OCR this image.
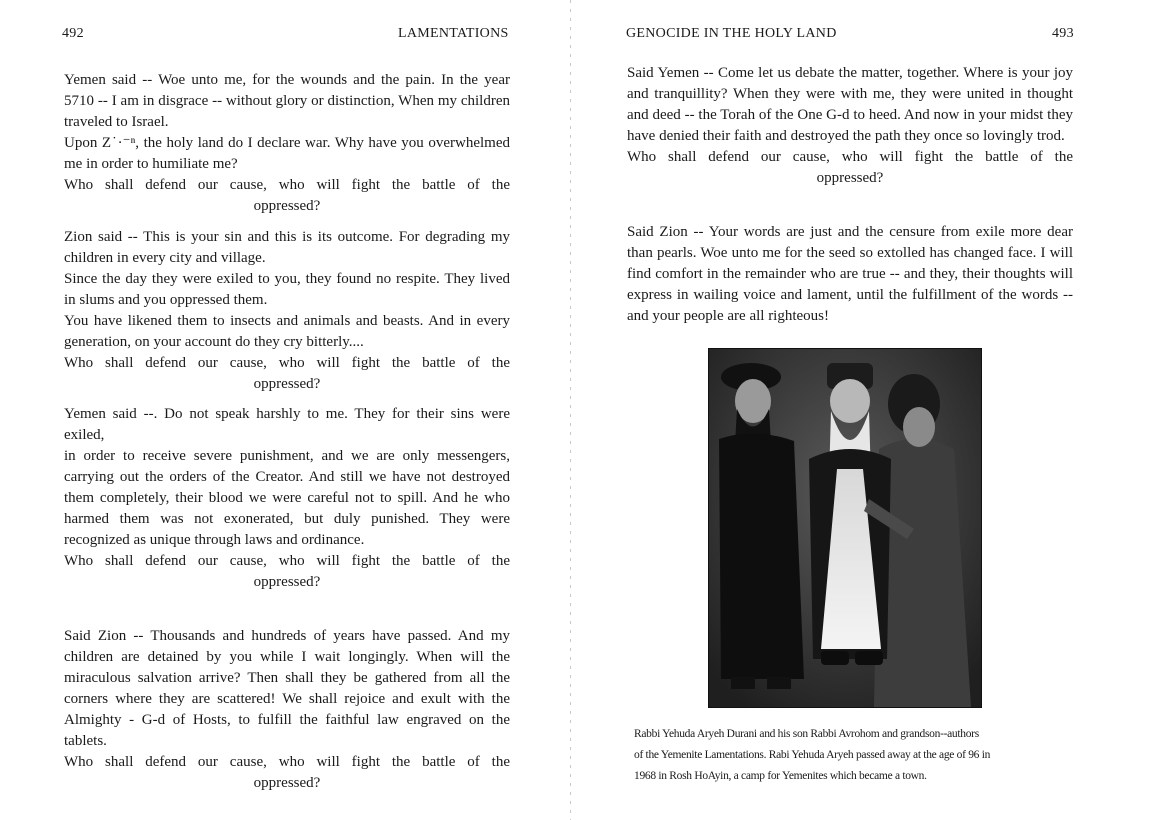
492	LAMENTATIONS

Yemen said -- Woe unto me, for the wounds and the pain. In the year 5710 -- I am in disgrace -- without glory or distinction, When my children traveled to Israel.

Upon Z˙·⁻ⁿ, the holy land do I declare war. Why have you overwhelmed me in order to humiliate me?

Who shall defend our cause, who will fight the battle of the
oppressed?

Zion said -- This is your sin and this is its outcome. For degrading my children in every city and village.

Since the day they were exiled to you, they found no respite. They lived in slums and you oppressed them.

You have likened them to insects and animals and beasts. And in every generation, on your account do they cry bitterly....

Who shall defend our cause, who will fight the battle of the
oppressed?

Yemen said --. Do not speak harshly to me. They for their sins were exiled,

in order to receive severe punishment, and we are only messengers, carrying out the orders of the Creator. And still we have not destroyed them completely, their blood we were careful not to spill. And he who harmed them was not exonerated, but duly punished. They were recognized as unique through laws and ordinance.

Who shall defend our cause, who will fight the battle of the
oppressed?

Said Zion -- Thousands and hundreds of years have passed. And my children are detained by you while I wait longingly. When will the miraculous salvation arrive? Then shall they be gathered from all the corners where they are scattered! We shall rejoice and exult with the Almighty - G-d of Hosts, to fulfill the faithful law engraved on the tablets.

Who shall defend our cause, who will fight the battle of the
oppressed?
GENOCIDE IN THE HOLY LAND	493

Said Yemen -- Come let us debate the matter, together. Where is your joy and tranquillity? When they were with me, they were united in thought and deed -- the Torah of the One G-d to heed. And now in your midst they have denied their faith and destroyed the path they once so lovingly trod.

Who shall defend our cause, who will fight the battle of the
oppressed?

Said Zion -- Your words are just and the censure from exile more dear than pearls. Woe unto me for the seed so extolled has changed face. I will find comfort in the remainder who are true -- and they, their thoughts will express in wailing voice and lament, until the fulfillment of the words -- and your people are all righteous!

Rabbi Yehuda Aryeh Durani and his son Rabbi Avrohom and grandson--authors
of the Yemenite Lamentations. Rabi Yehuda Aryeh passed away at the age of 96 in
1968 in Rosh HoAyin, a camp for Yemenites which became a town.
